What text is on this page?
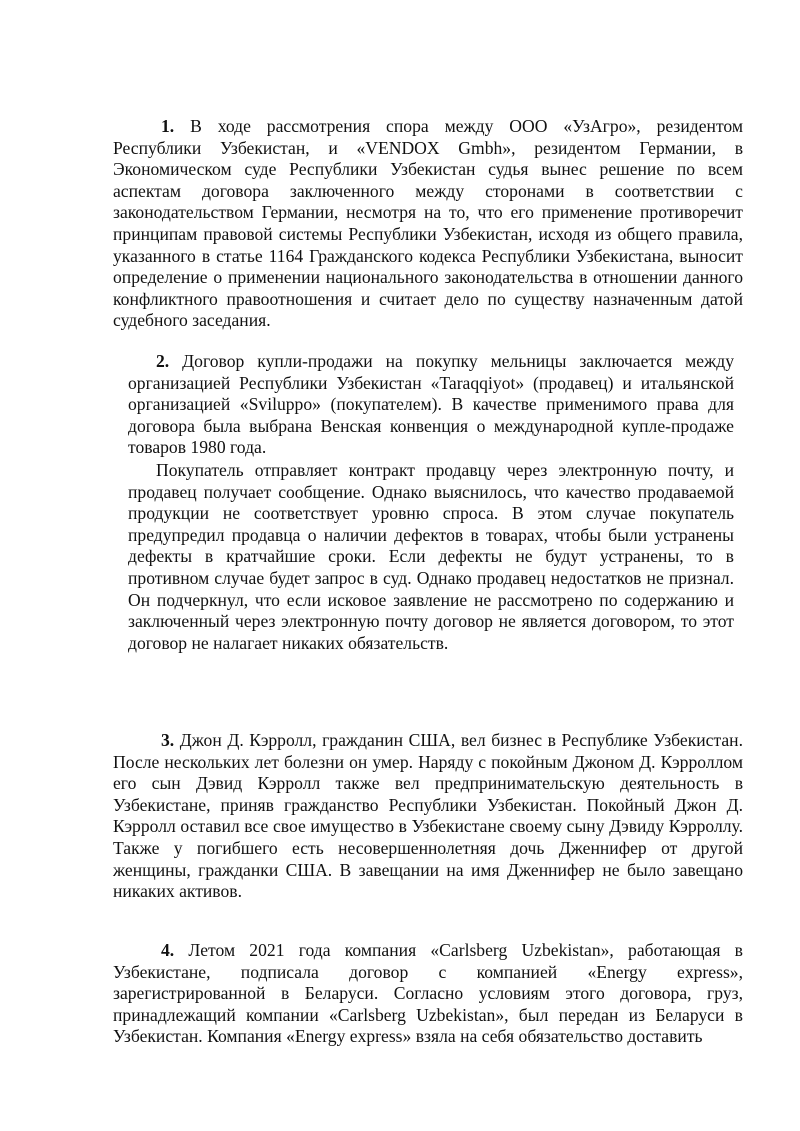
1. В ходе рассмотрения спора между ООО «УзАгро», резидентом Республики Узбекистан, и «VENDOX Gmbh», резидентом Германии, в Экономическом суде Республики Узбекистан судья вынес решение по всем аспектам договора заключенного между сторонами в соответствии с законодательством Германии, несмотря на то, что его применение противоречит принципам правовой системы Республики Узбекистан, исходя из общего правила, указанного в статье 1164 Гражданского кодекса Республики Узбекистана, выносит определение о применении национального законодательства в отношении данного конфликтного правоотношения и считает дело по существу назначенным датой судебного заседания.

2. Договор купли-продажи на покупку мельницы заключается между организацией Республики Узбекистан «Taraqqiyot» (продавец) и итальянской организацией «Sviluppo» (покупателем). В качестве применимого права для договора была выбрана Венская конвенция о международной купле-продаже товаров 1980 года.

Покупатель отправляет контракт продавцу через электронную почту, и продавец получает сообщение. Однако выяснилось, что качество продаваемой продукции не соответствует уровню спроса. В этом случае покупатель предупредил продавца о наличии дефектов в товарах, чтобы были устранены дефекты в кратчайшие сроки. Если дефекты не будут устранены, то в противном случае будет запрос в суд. Однако продавец недостатков не признал. Он подчеркнул, что если исковое заявление не рассмотрено по содержанию и заключенный через электронную почту договор не является договором, то этот договор не налагает никаких обязательств.

3. Джон Д. Кэрролл, гражданин США, вел бизнес в Республике Узбекистан. После нескольких лет болезни он умер. Наряду с покойным Джоном Д. Кэрроллом его сын Дэвид Кэрролл также вел предпринимательскую деятельность в Узбекистане, приняв гражданство Республики Узбекистан. Покойный Джон Д. Кэрролл оставил все свое имущество в Узбекистане своему сыну Дэвиду Кэрроллу. Также у погибшего есть несовершеннолетняя дочь Дженнифер от другой женщины, гражданки США. В завещании на имя Дженнифер не было завещано никаких активов.

4. Летом 2021 года компания «Carlsberg Uzbekistan», работающая в Узбекистане, подписала договор с компанией «Energy express», зарегистрированной в Беларуси. Согласно условиям этого договора, груз, принадлежащий компании «Carlsberg Uzbekistan», был передан из Беларуси в Узбекистан. Компания «Energy express» взяла на себя обязательство доставить
